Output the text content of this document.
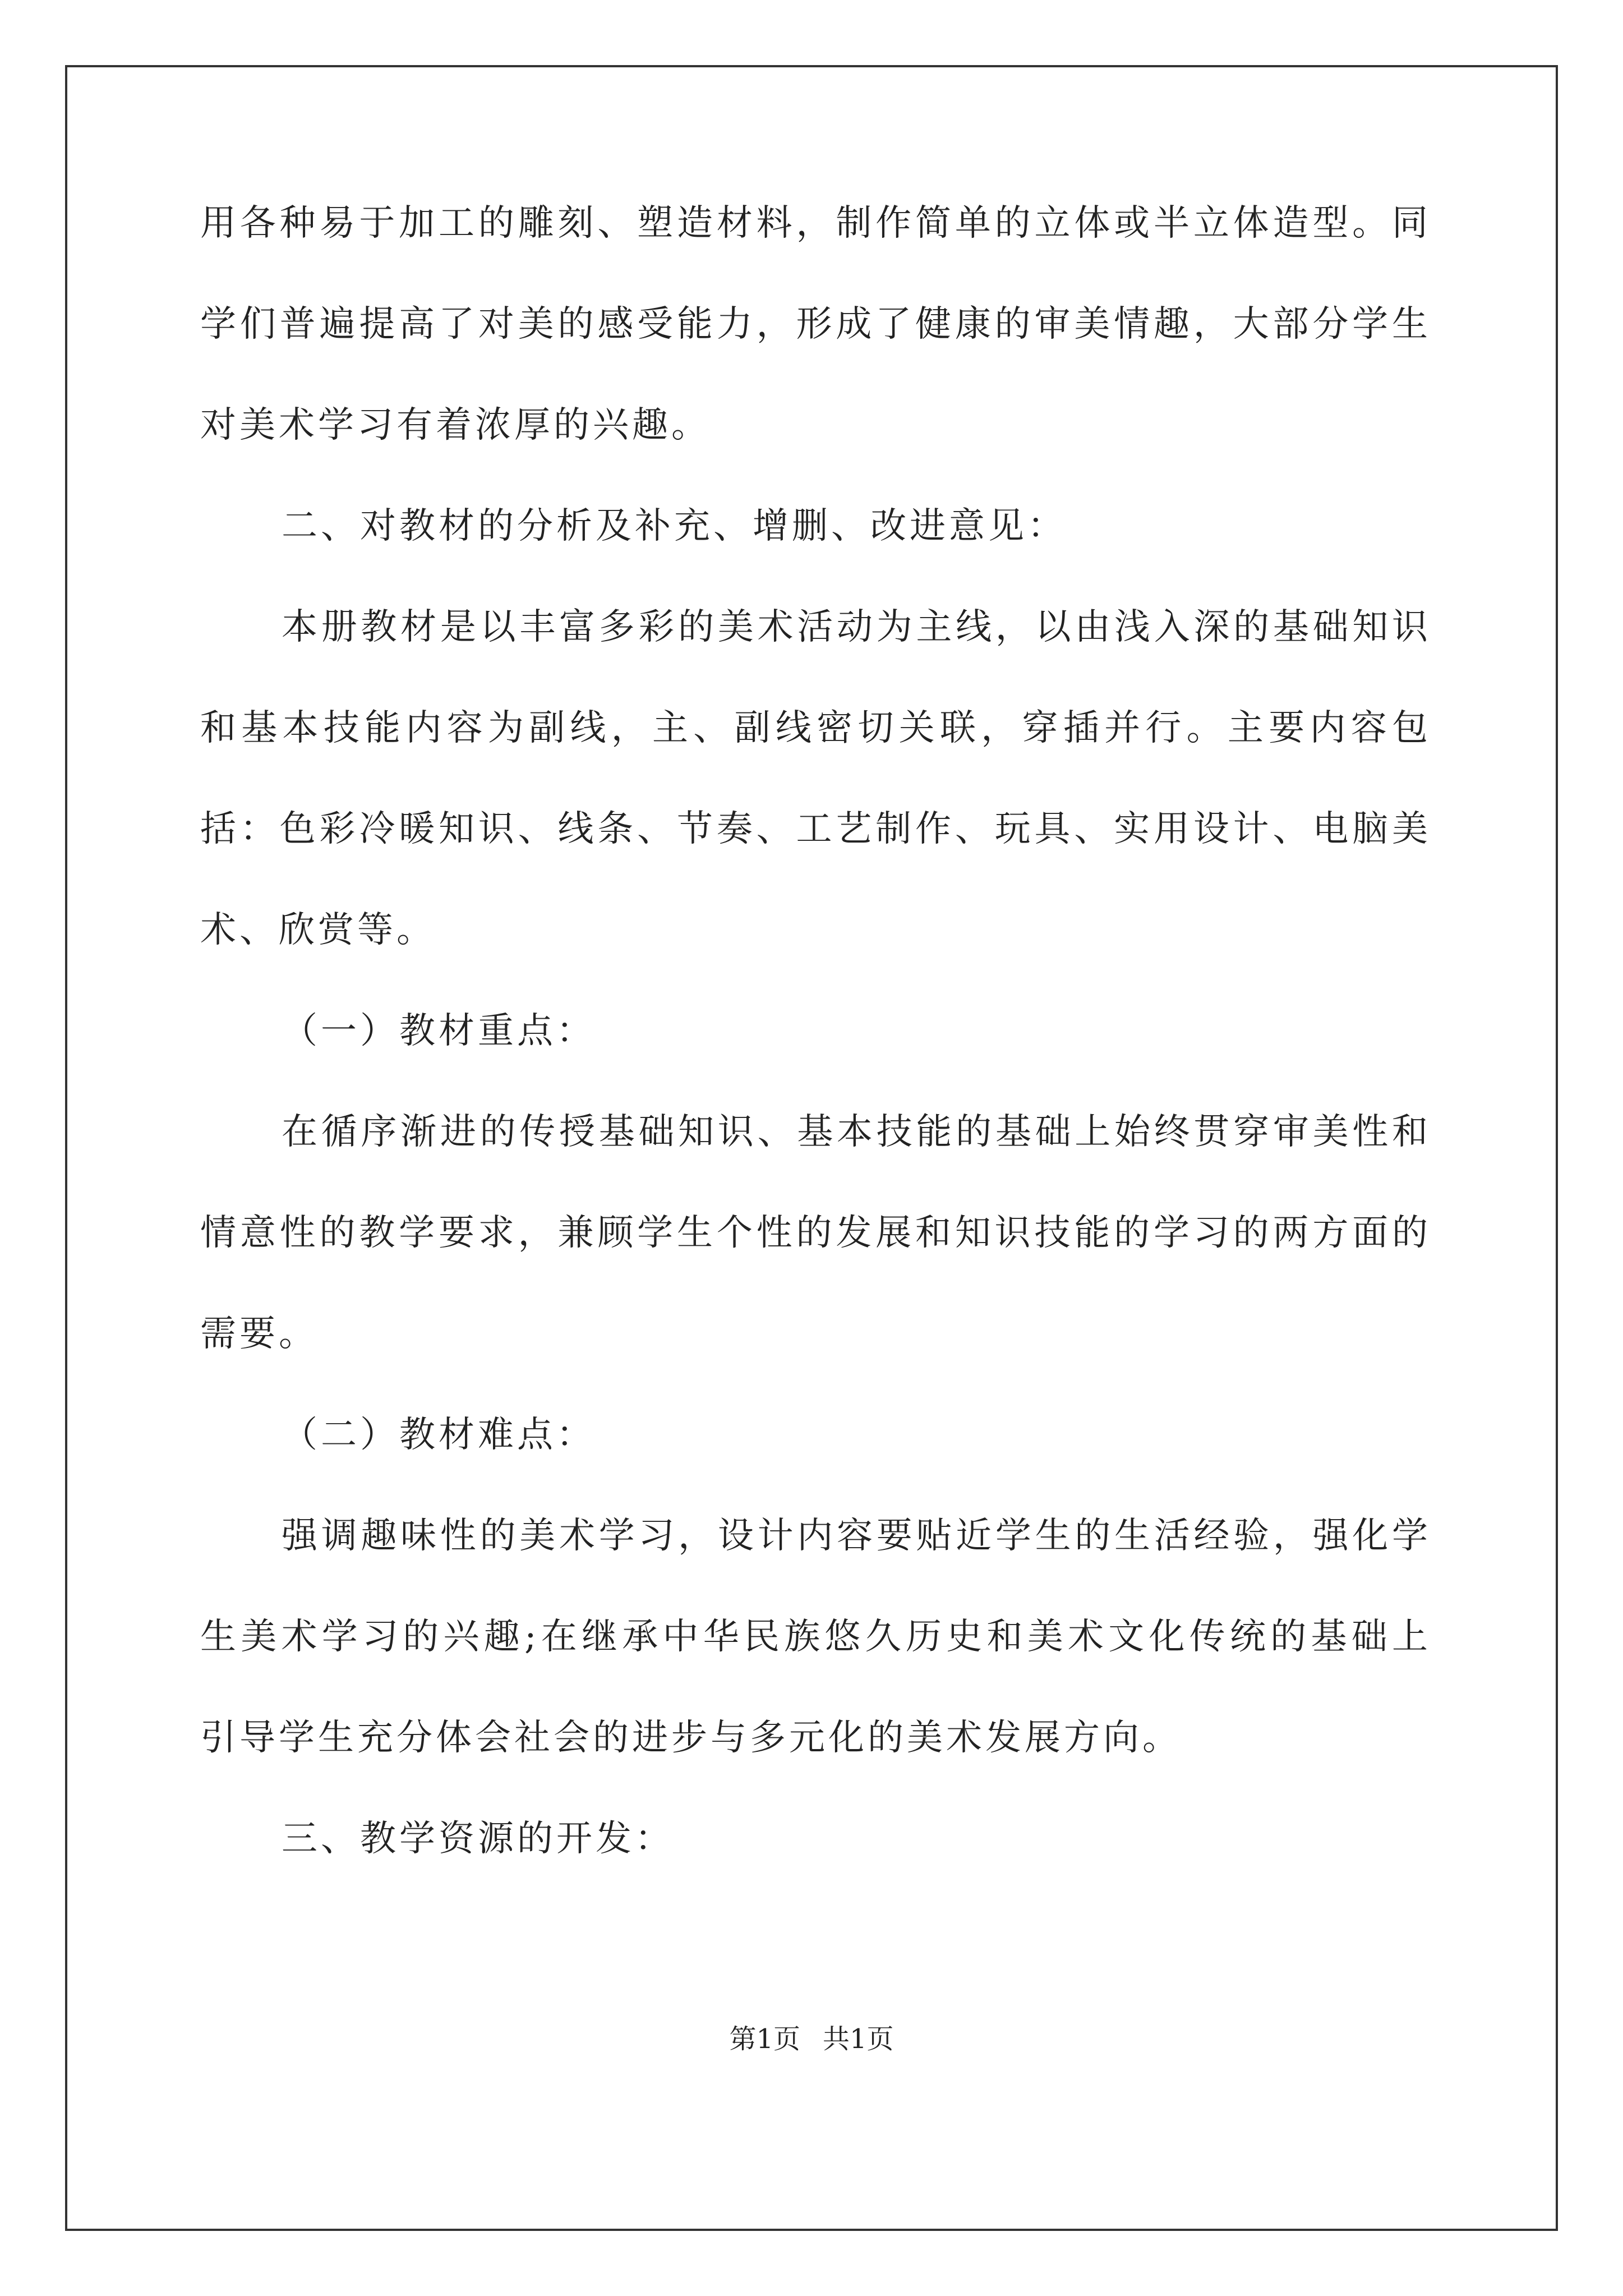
用各种易于加工的雕刻、塑造材料，制作简单的立体或半立体造型。同学们普遍提高了对美的感受能力，形成了健康的审美情趣，大部分学生对美术学习有着浓厚的兴趣。

二、对教材的分析及补充、增删、改进意见：

本册教材是以丰富多彩的美术活动为主线，以由浅入深的基础知识和基本技能内容为副线，主、副线密切关联，穿插并行。主要内容包括：色彩冷暖知识、线条、节奏、工艺制作、玩具、实用设计、电脑美术、欣赏等。

（一）教材重点：

在循序渐进的传授基础知识、基本技能的基础上始终贯穿审美性和情意性的教学要求，兼顾学生个性的发展和知识技能的学习的两方面的需要。

（二）教材难点：

强调趣味性的美术学习，设计内容要贴近学生的生活经验，强化学生美术学习的兴趣;在继承中华民族悠久历史和美术文化传统的基础上引导学生充分体会社会的进步与多元化的美术发展方向。

三、教学资源的开发：

第1页 共1页
